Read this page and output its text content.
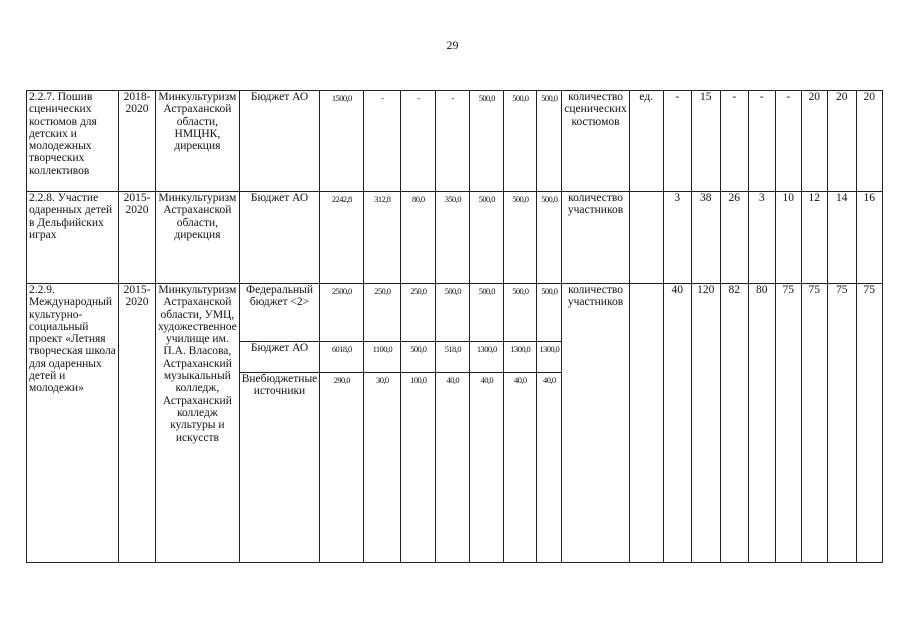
29
2.2.7. Пошив сценических костюмов для детских и молодежных творческих коллективов	2018-2020	Минкультуризм Астраханской области, НМЦНК, дирекция	Бюджет АО	1500,0	-	-	-	500,0	500,0	500,0	количество сценических костюмов	ед.	-	15	-	-	-	20	20	20
2.2.8. Участие одаренных детей в Дельфийских играх	2015-2020	Минкультуризм Астраханской области, дирекция	Бюджет АО	2242,8	312,8	80,0	350,0	500,0	500,0	500,0	количество участников		3	38	26	3	10	12	14	16
2.2.9. Международный культурно-социальный проект «Летняя творческая школа для одаренных детей и молодежи»	2015-2020	Минкультуризм Астраханской области, УМЦ, художественное училище им. П.А. Власова, Астраханский музыкальный колледж, Астраханский колледж культуры и искусств	Федеральный бюджет <2>	2500,0	250,0	250,0	500,0	500,0	500,0	500,0	количество участников		40	120	82	80	75	75	75	75
			Бюджет АО	6018,0	1100,0	500,0	518,0	1300,0	1300,0	1300,0										
			Внебюджетные источники	290,0	30,0	100,0	40,0	40,0	40,0	40,0										
